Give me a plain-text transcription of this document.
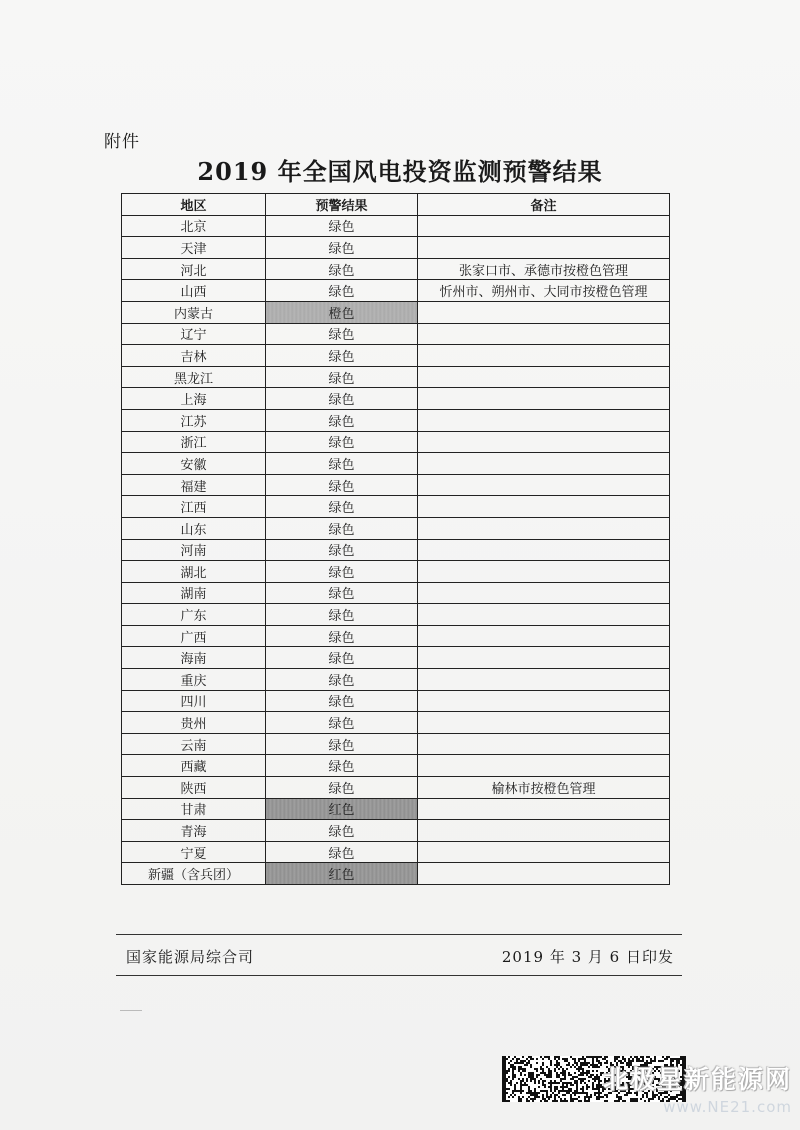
附件
2019 年全国风电投资监测预警结果
地区	预警结果	备注
北京	绿色	
天津	绿色	
河北	绿色	张家口市、承德市按橙色管理
山西	绿色	忻州市、朔州市、大同市按橙色管理
内蒙古	橙色	
辽宁	绿色	
吉林	绿色	
黑龙江	绿色	
上海	绿色	
江苏	绿色	
浙江	绿色	
安徽	绿色	
福建	绿色	
江西	绿色	
山东	绿色	
河南	绿色	
湖北	绿色	
湖南	绿色	
广东	绿色	
广西	绿色	
海南	绿色	
重庆	绿色	
四川	绿色	
贵州	绿色	
云南	绿色	
西藏	绿色	
陕西	绿色	榆林市按橙色管理
甘肃	红色	
青海	绿色	
宁夏	绿色	
新疆（含兵团）	红色	
国家能源局综合司	2019 年 3 月 6 日印发
北极星新能源网
www.NE21.com
